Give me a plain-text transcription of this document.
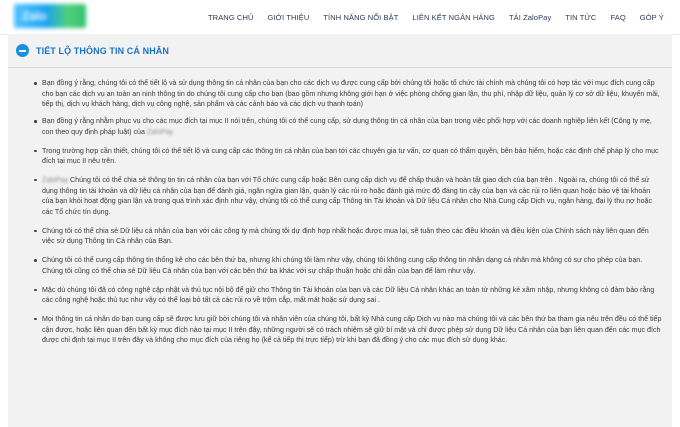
Zalo	TRANG CHỦ GIỚI THIỆU TÍNH NĂNG NỔI BẬT LIÊN KẾT NGÂN HÀNG TẢI ZaloPay TIN TỨC FAQ GÓP Ý
TIẾT LỘ THÔNG TIN CÁ NHÂN
Bạn đồng ý rằng, chúng tôi có thể tiết lộ và sử dụng thông tin cá nhân của bạn cho các dịch vụ được cung cấp bởi chúng tôi hoặc tổ chức tài chính mà chúng tôi có hợp tác với mục đích cung cấp cho bạn các dịch vụ an toàn an ninh thông tin do chúng tôi cung cấp cho bạn (bao gồm nhưng không giới hạn ở việc phòng chống gian lận, thu phí, nhập dữ liệu, quản lý cơ sở dữ liệu, khuyến mãi, tiếp thị, dịch vụ khách hàng, dịch vụ công nghệ, sản phẩm và các cảnh báo và các dịch vụ thanh toán)
Bạn đồng ý rằng nhằm phục vụ cho các mục đích tại mục II nói trên, chúng tôi có thể cung cấp, sử dụng thông tin cá nhân của bạn trong việc phối hợp với các doanh nghiệp liên kết (Công ty mẹ, con theo quy định pháp luật) của ZaloPay
Trong trường hợp cần thiết, chúng tôi có thể tiết lộ và cung cấp các thông tin cá nhân của bạn tới các chuyên gia tư vấn, cơ quan có thẩm quyền, bên bảo hiểm, hoặc các định chế pháp lý cho mục đích tại mục II nêu trên.
ZaloPay Chúng tôi có thể chia sẻ thông tin tin cá nhân của bạn với Tổ chức cung cấp hoặc Bên cung cấp dịch vụ để chấp thuận và hoàn tất giao dịch của bạn trên . Ngoài ra, chúng tôi có thể sử dụng thông tin tài khoản và dữ liệu cá nhân của bạn để đánh giá, ngăn ngừa gian lận, quản lý các rủi ro hoặc đánh giá mức độ đáng tin cậy của bạn và các rủi ro liên quan hoặc bảo vệ tài khoản của bạn khỏi hoạt động gian lận và trong quá trình xác định như vậy, chúng tôi có thể cung cấp Thông tin Tài khoản và Dữ liệu Cá nhân cho Nhà Cung cấp Dịch vụ, ngân hàng, đại lý thu nợ hoặc các Tổ chức tín dụng.
Chúng tôi có thể chia sẻ Dữ liệu cá nhân của bạn với các công ty mà chúng tôi dự định hợp nhất hoặc được mua lại, sẽ tuân theo các điều khoản và điều kiện của Chính sách này liên quan đến việc sử dụng Thông tin Cá nhân của Bạn.
Chúng tôi có thể cung cấp thông tin thống kê cho các bên thứ ba, nhưng khi chúng tôi làm như vậy, chúng tôi không cung cấp thông tin nhận dạng cá nhân mà không có sự cho phép của bạn. Chúng tôi cũng có thể chia sẻ Dữ liệu Cá nhân của bạn với các bên thứ ba khác với sự chấp thuận hoặc chỉ dẫn của bạn để làm như vậy.
Mặc dù chúng tôi đã có công nghệ cập nhật và thủ tục nội bộ để giữ cho Thông tin Tài khoản của bạn và các Dữ liệu Cá nhân khác an toàn từ những kẻ xâm nhập, nhưng không có đảm bảo rằng các công nghệ hoặc thủ tục như vậy có thể loại bỏ tất cả các rủi ro về trộm cắp, mất mát hoặc sử dụng sai .
Mọi thông tin cá nhân do bạn cung cấp sẽ được lưu giữ bởi chúng tôi và nhân viên của chúng tôi, bất kỳ Nhà cung cấp Dịch vụ nào mà chúng tôi và các bên thứ ba tham gia nêu trên đều có thể tiếp cận được, hoặc liên quan đến bất kỳ mục đích nào tại mục II trên đây, những người sẽ có trách nhiệm sẽ giữ bí mật và chỉ được phép sử dụng Dữ liệu Cá nhân của bạn liên quan đến các mục đích được chỉ định tại mục II trên đây và không cho mục đích của riêng họ (kể cả tiếp thị trực tiếp) trừ khi bạn đã đồng ý cho các mục đích sử dụng khác.
